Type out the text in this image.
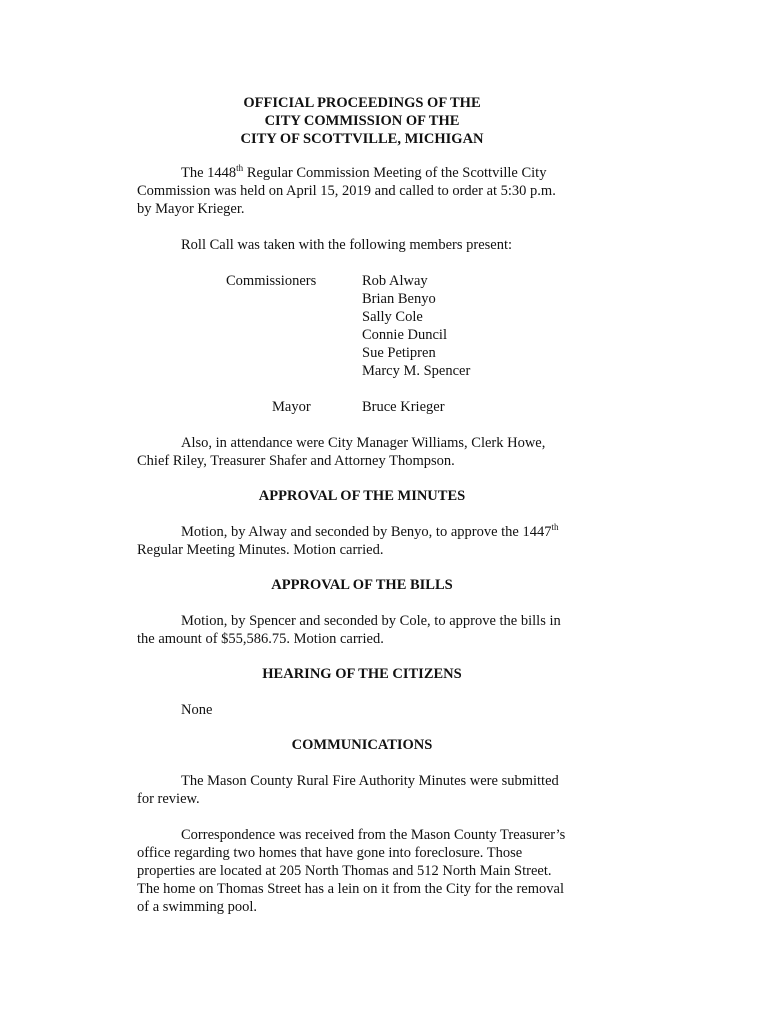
OFFICIAL PROCEEDINGS OF THE
CITY COMMISSION OF THE
CITY OF SCOTTVILLE, MICHIGAN
The 1448th Regular Commission Meeting of the Scottville City
Commission was held on April 15, 2019 and called to order at 5:30 p.m.
by Mayor Krieger.
Roll Call was taken with the following members present:
Commissioners	Rob Alway
Brian Benyo
Sally Cole
Connie Duncil
Sue Petipren
Marcy M. Spencer
Mayor	Bruce Krieger
Also, in attendance were City Manager Williams, Clerk Howe,
Chief Riley, Treasurer Shafer and Attorney Thompson.
APPROVAL OF THE MINUTES
Motion, by Alway and seconded by Benyo, to approve the 1447th
Regular Meeting Minutes. Motion carried.
APPROVAL OF THE BILLS
Motion, by Spencer and seconded by Cole, to approve the bills in
the amount of $55,586.75. Motion carried.
HEARING OF THE CITIZENS
None
COMMUNICATIONS
The Mason County Rural Fire Authority Minutes were submitted
for review.
Correspondence was received from the Mason County Treasurer’s
office regarding two homes that have gone into foreclosure. Those
properties are located at 205 North Thomas and 512 North Main Street.
The home on Thomas Street has a lein on it from the City for the removal
of a swimming pool.
